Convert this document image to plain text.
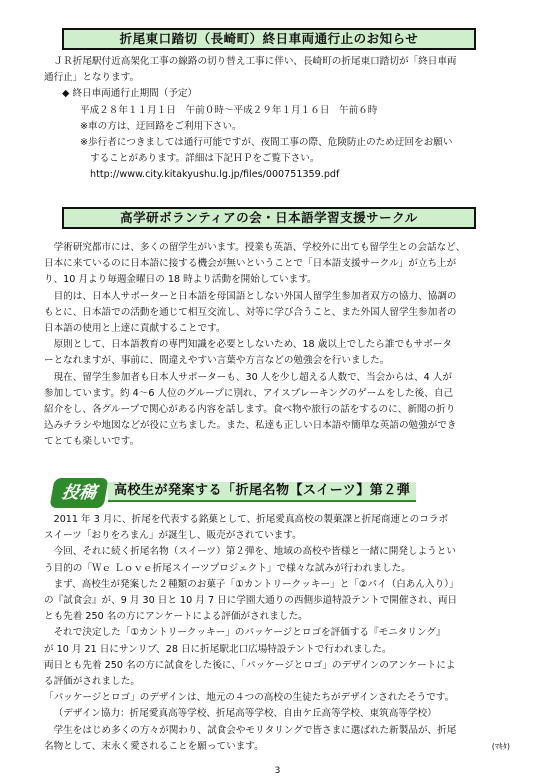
折尾東口踏切（長崎町）終日車両通行止のお知らせ

ＪＲ折尾駅付近高架化工事の線路の切り替え工事に伴い、長崎町の折尾東口踏切が「終日車両

通行止」となります。

◆ 終日車両通行止期間（予定）

平成２８年１１月１日　午前０時～平成２９年１月１６日　午前６時

※車の方は、迂回路をご利用下さい。

※歩行者につきましては通行可能ですが、夜間工事の際、危険防止のため迂回をお願い

することがあります。詳細は下記ＨＰをご覧下さい。

http://www.city.kitakyushu.lg.jp/files/000751359.pdf

高学研ボランティアの会・日本語学習支援サークル

学術研究都市には、多くの留学生がいます。授業も英語、学校外に出ても留学生との会話など、

日本に来ているのに日本語に接する機会が無いということで「日本語支援サークル」が立ち上が

り、10 月より毎週金曜日の 18 時より活動を開始しています。

目的は、日本人サポーターと日本語を母国語としない外国人留学生参加者双方の協力、協調の

もとに、日本語での活動を通じて相互交流し、対等に学び合うこと、また外国人留学生参加者の

日本語の使用と上達に貢献することです。

原則として、日本語教育の専門知識を必要としないため、18 歳以上でしたら誰でもサポータ

ーとなれますが、事前に、間違えやすい言葉や方言などの勉強会を行いました。

現在、留学生参加者も日本人サポーターも、30 人を少し超える人数で、当会からは、4 人が

参加しています。約 4～6 人位のグループに別れ、アイスブレーキングのゲームをした後、自己

紹介をし、各グループで関心がある内容を話します。食べ物や旅行の話をするのに、新聞の折り

込みチラシや地図などが役に立ちました。また、私達も正しい日本語や簡単な英語の勉強ができ

てとても楽しいです。

投稿	高校生が発案する「折尾名物【スイーツ】第２弾

2011 年 3 月に、折尾を代表する銘菓として、折尾愛真高校の製菓課と折尾商連とのコラボ

スイーツ「おりをろまん」が誕生し、販売がされています。

今回、それに続く折尾名物（スイーツ）第２弾を、地域の高校や皆様と一緒に開発しようとい

う目的の「Ｗｅ Ｌｏｖｅ折尾スイーツプロジェクト」で様々な試みが行われました。

まず、高校生が発案した２種類のお菓子「①カントリークッキー」と「②パイ（白あん入り）」

の『試食会』が、9 月 30 日と 10 月 7 日に学園大通りの西側歩道特設テントで開催され、両日

とも先着 250 名の方にアンケートによる評価がされました。

それで決定した「①カントリークッキー」のパッケージとロゴを評価する『モニタリング』

が 10 月 21 日にサンリブ、28 日に折尾駅北口広場特設テントで行われました。

両日とも先着 250 名の方に試食をした後に、「パッケージとロゴ」のデザインのアンケートによ

る評価がされました。

「パッケージとロゴ」のデザインは、地元の４つの高校の生徒たちがデザインされたそうです。

（デザイン協力：折尾愛真高等学校、折尾高等学校、自由ケ丘高等学校、東筑高等学校）

学生をはじめ多くの方々が関わり、試食会やモリタリングで皆さまに選ばれた新製品が、折尾

名物として、末永く愛されることを願っています。	(ﾏｷﾀ)

3
